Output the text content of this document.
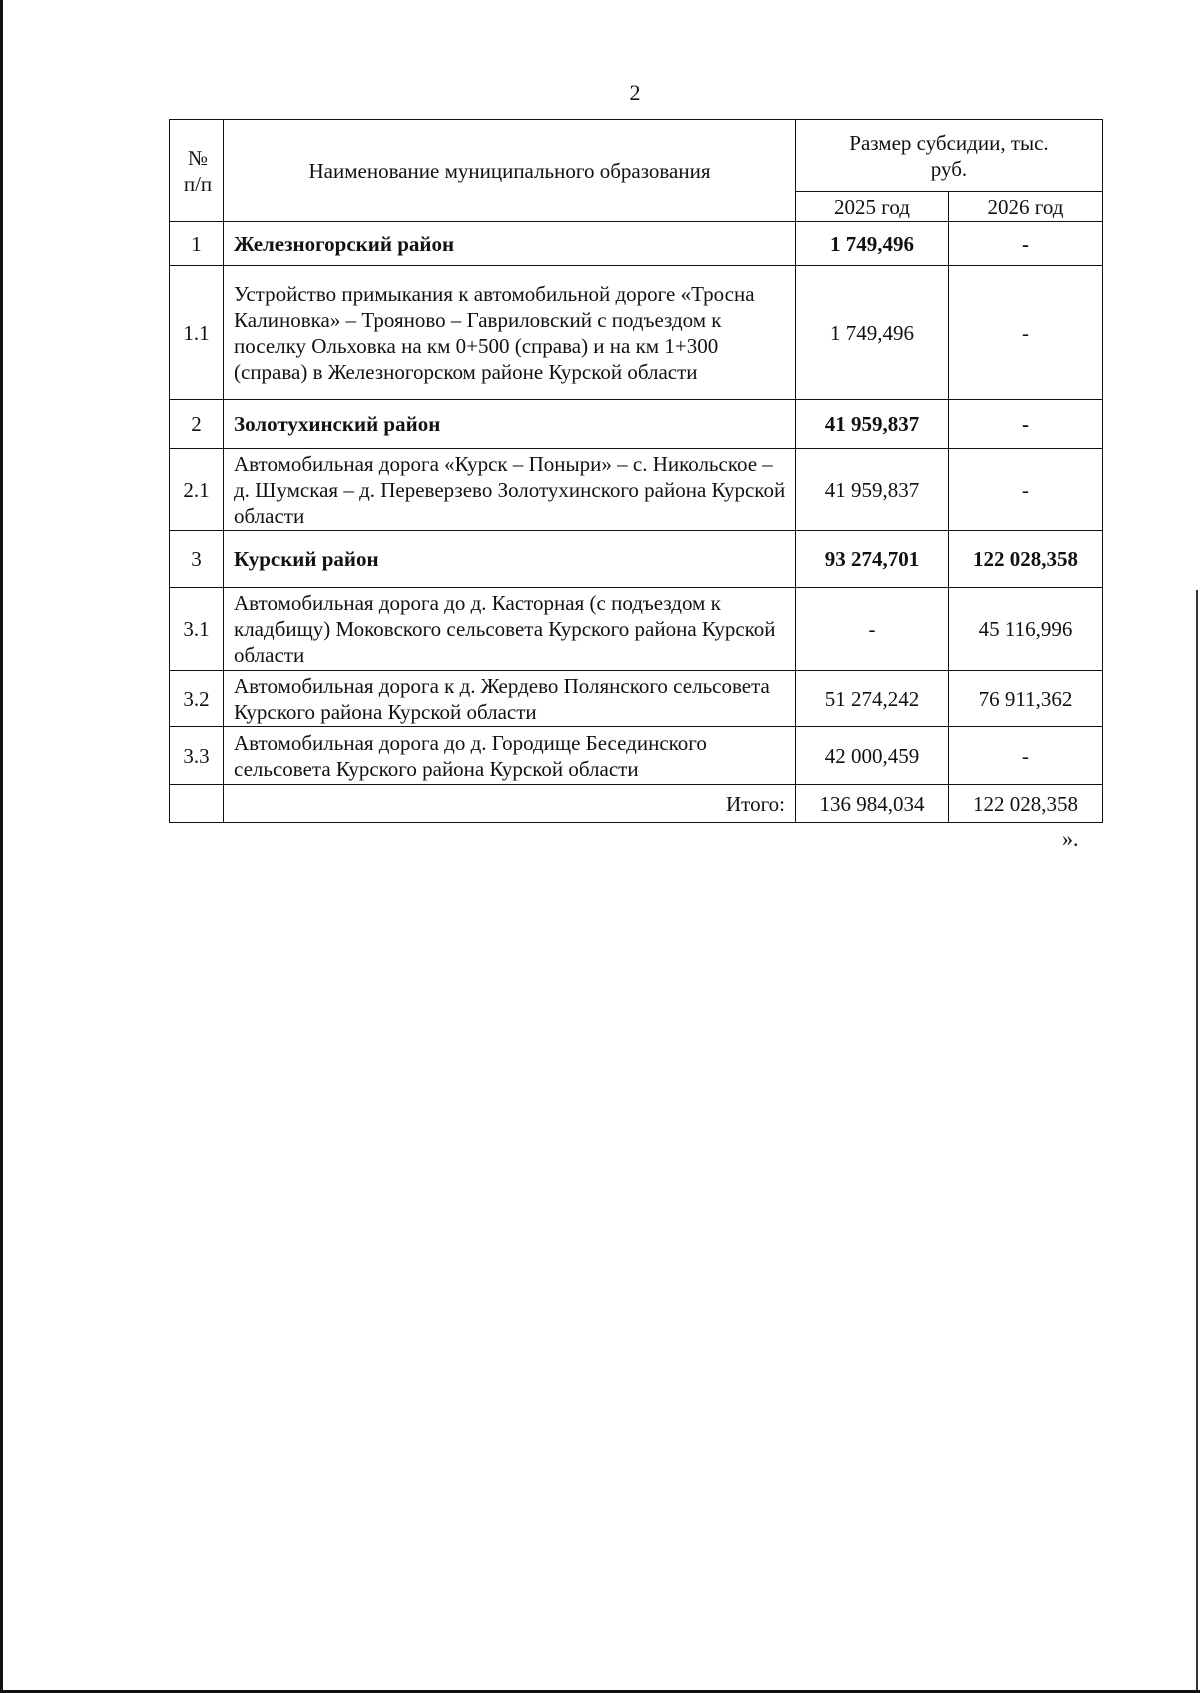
2
№ п/п	Наименование муниципального образования	Размер субсидии, тыс. руб.	

		2025 год	2026 год
1	Железногорский район	1 749,496	-
1.1	Устройство примыкания к автомобильной дороге «Тросна Калиновка» – Трояново – Гавриловский с подъездом к поселку Ольховка на км 0+500 (справа) и на км 1+300 (справа) в Железногорском районе Курской области	1 749,496	-
2	Золотухинский район	41 959,837	-
2.1	Автомобильная дорога «Курск – Поныри» – с. Никольское – д. Шумская – д. Переверзево Золотухинского района Курской области	41 959,837	-
3	Курский район	93 274,701	122 028,358
3.1	Автомобильная дорога до д. Касторная (с подъездом к кладбищу) Моковского сельсовета Курского района Курской области	-	45 116,996
3.2	Автомобильная дорога к д. Жердево Полянского сельсовета Курского района Курской области	51 274,242	76 911,362
3.3	Автомобильная дорога до д. Городище Бесединского сельсовета Курского района Курской области	42 000,459	-
	Итого:	136 984,034	122 028,358
».
